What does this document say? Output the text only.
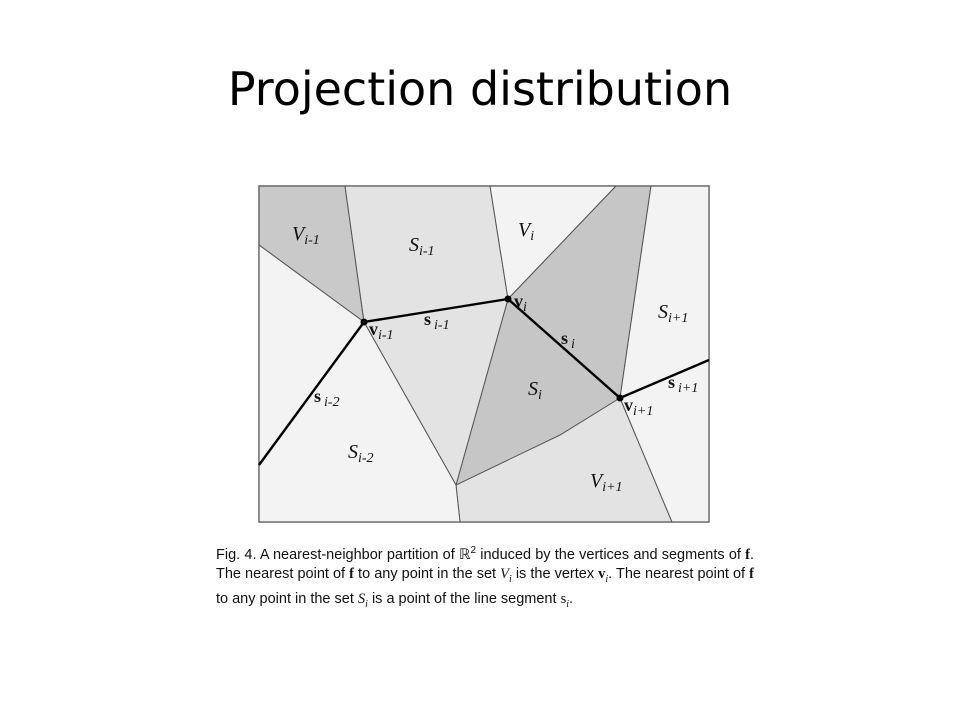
Projection distribution
$V_{i-1}$	$S_{i-1}$
$V_i$
$S_{i+1}$
$S_i$
$S_{i-2}$
$V_{i+1}$
$v_{i-1}$
$v_i$
$v_{i+1}$
s $_{i-2}$
s $_{i-1}$
s $_i$
s $_{i+1}$
Fig. 4. A nearest-neighbor partition of ℝ$^2$ induced by the vertices and segments of f. The nearest point of f to any point in the set $V_i$ is the vertex $v_i$. The nearest point of f to any point in the set $S_i$ is a point of the line segment $s_i$.
